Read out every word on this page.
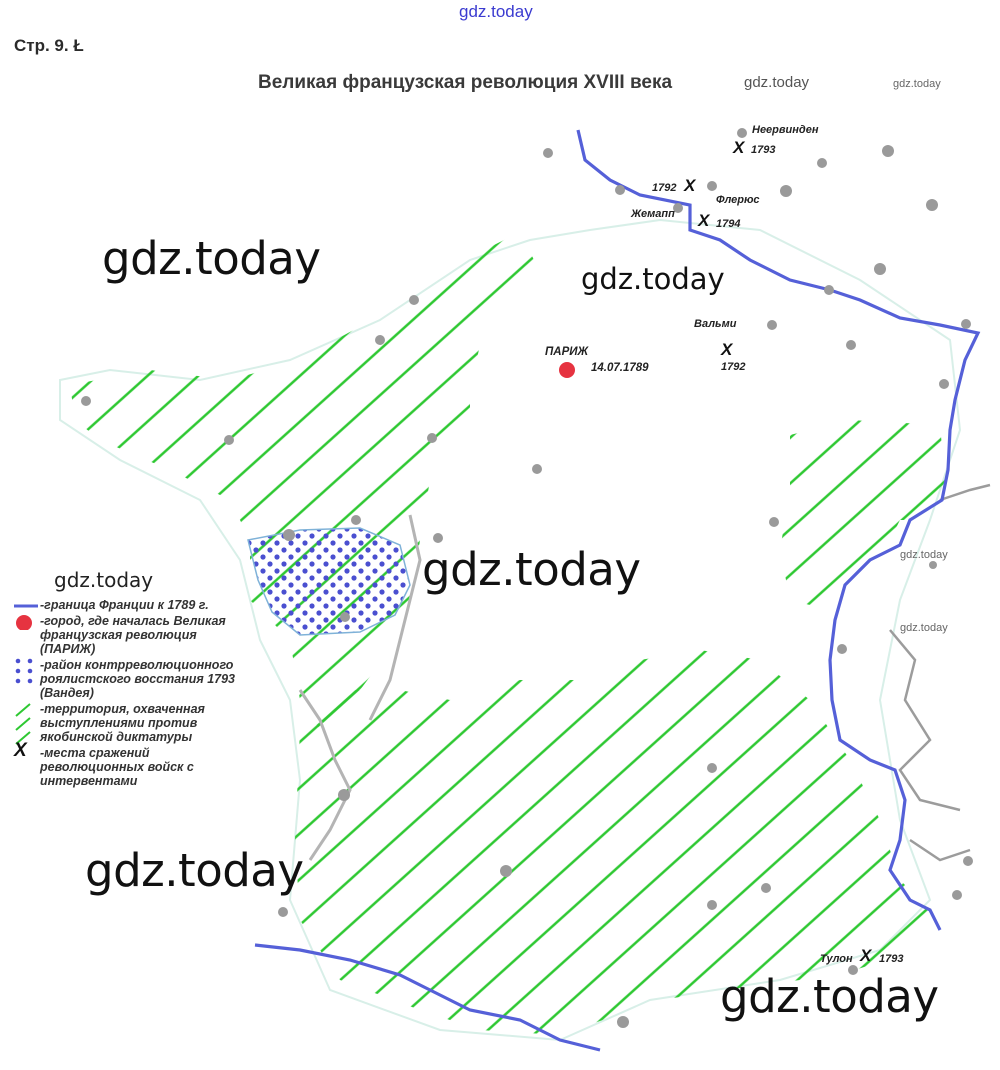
gdz.today
Стр. 9. Ł
Великая французская революция XVIII века	gdz.today	gdz.today
gdz.today	gdz.today
gdz.today
gdz.today
gdz.today
gdz.today
gdz.today
gdz.today
Неервинден
X 1793
1792 X
Жемапп
Флерюс
X 1794
Вальми
X
1792
Тулон X 1793
ПАРИЖ
14.07.1789
-граница Франции к 1789 г.
-город, где началась Великая французская революция (ПАРИЖ)
-район контрреволюционного роялистского восстания 1793 (Вандея)
-территория, охваченная выступлениями против якобинской диктатуры
X	-места сражений революционных войск с интервентами
